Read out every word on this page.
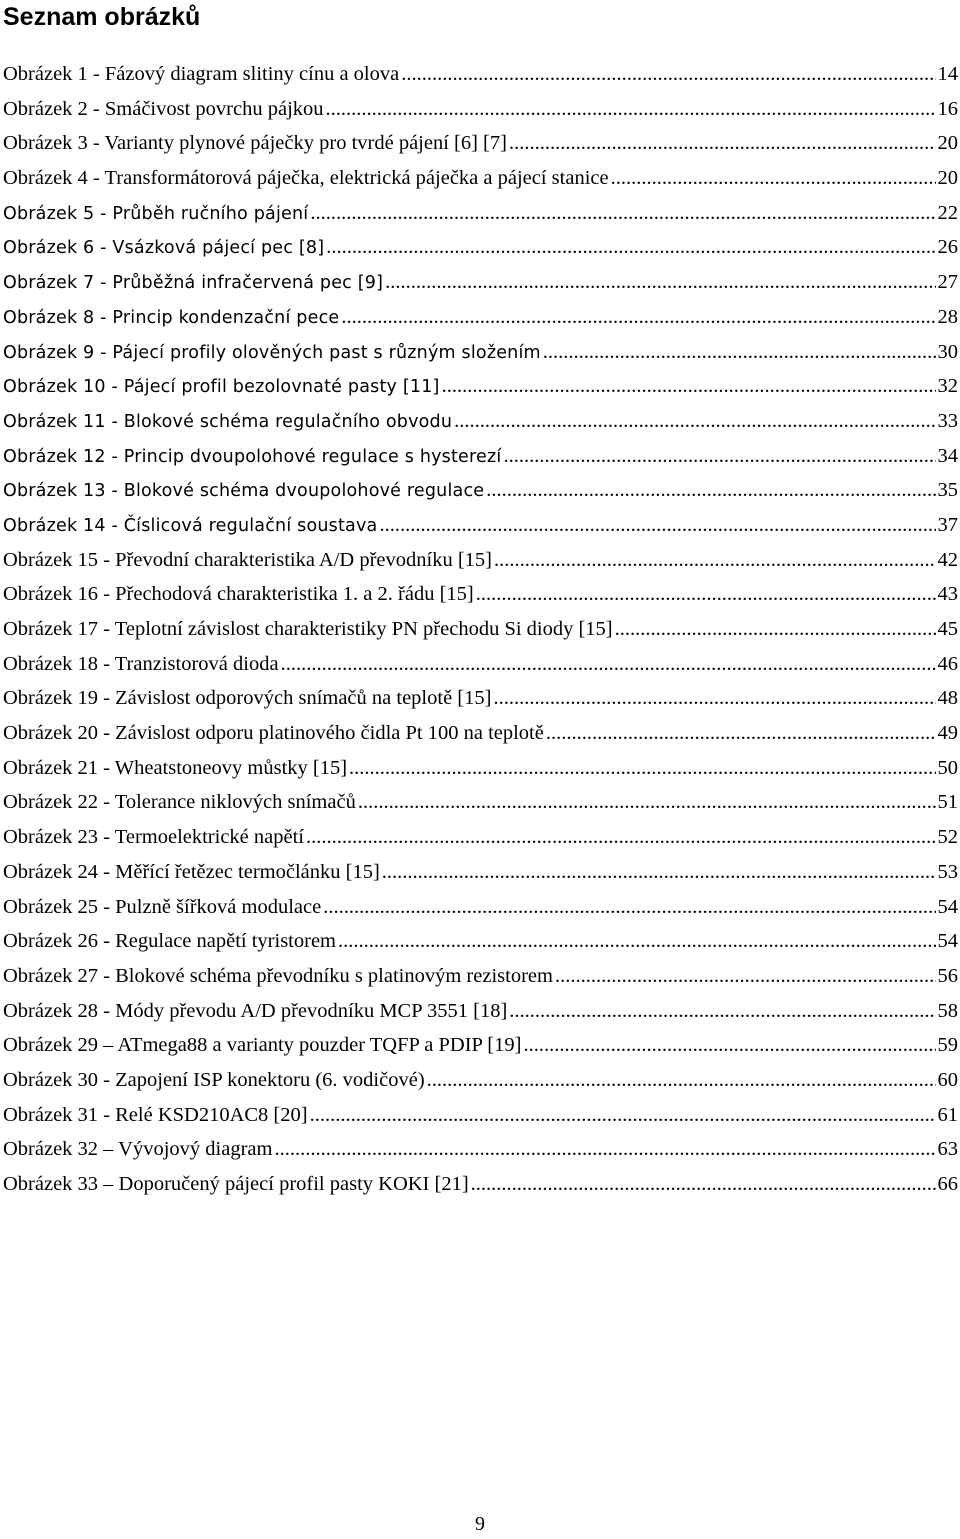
Seznam obrázků
Obrázek 1 - Fázový diagram slitiny cínu a olova .....	14
Obrázek 2 - Smáčivost povrchu pájkou .....	16
Obrázek 3 - Varianty plynové páječky pro tvrdé pájení [6] [7] .....	20
Obrázek 4 - Transformátorová páječka, elektrická páječka a pájecí stanice .....	20
Obrázek 5 - Průběh ručního pájení .....	22
Obrázek 6 - Vsázková pájecí pec [8] .....	26
Obrázek 7 - Průběžná infračervená pec [9] .....	27
Obrázek 8 - Princip kondenzační pece .....	28
Obrázek 9 - Pájecí profily olověných past s různým složením .....	30
Obrázek 10 - Pájecí profil bezolovnaté pasty [11] .....	32
Obrázek 11 - Blokové schéma regulačního obvodu .....	33
Obrázek 12 - Princip dvoupolohové regulace s hysterezí .....	34
Obrázek 13 - Blokové schéma dvoupolohové regulace .....	35
Obrázek 14 - Číslicová regulační soustava .....	37
Obrázek 15 - Převodní charakteristika A/D převodníku [15] .....	42
Obrázek 16 - Přechodová charakteristika 1. a 2. řádu [15] .....	43
Obrázek 17 - Teplotní závislost charakteristiky PN přechodu Si diody [15] .....	45
Obrázek 18 - Tranzistorová dioda .....	46
Obrázek 19 - Závislost odporových snímačů na teplotě [15] .....	48
Obrázek 20 - Závislost odporu platinového čidla Pt 100 na teplotě .....	49
Obrázek 21 - Wheatstoneovy můstky [15] .....	50
Obrázek 22 - Tolerance niklových snímačů .....	51
Obrázek 23 - Termoelektrické napětí .....	52
Obrázek 24 - Měřící řetězec termočlánku [15] .....	53
Obrázek 25 - Pulzně šířková modulace .....	54
Obrázek 26 - Regulace napětí tyristorem .....	54
Obrázek 27 - Blokové schéma převodníku s platinovým rezistorem .....	56
Obrázek 28 - Módy převodu A/D převodníku MCP 3551 [18] .....	58
Obrázek 29 – ATmega88 a varianty pouzder TQFP a PDIP [19] .....	59
Obrázek 30 - Zapojení ISP konektoru (6. vodičové) .....	60
Obrázek 31 - Relé KSD210AC8 [20] .....	61
Obrázek 32 – Vývojový diagram .....	63
Obrázek 33 – Doporučený pájecí profil pasty KOKI [21] .....	66
9
